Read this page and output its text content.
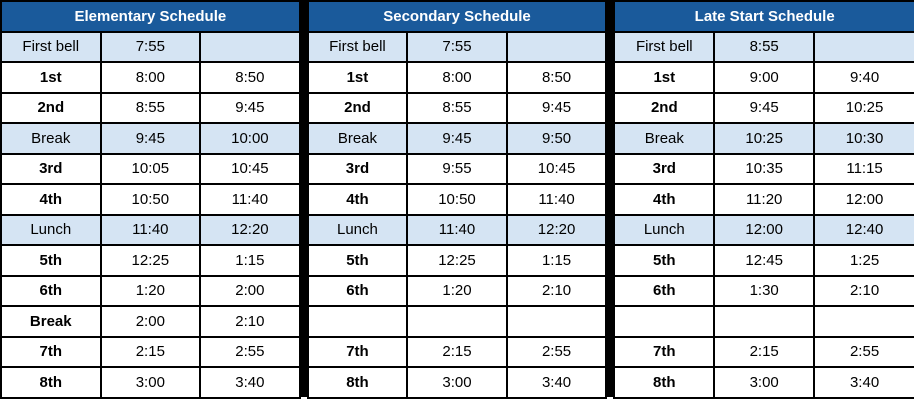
Elementary Schedule		
First bell	7:55	
1st	8:00	8:50
2nd	8:55	9:45
Break	9:45	10:00
3rd	10:05	10:45
4th	10:50	11:40
Lunch	11:40	12:20
5th	12:25	1:15
6th	1:20	2:00
Break	2:00	2:10
7th	2:15	2:55
8th	3:00	3:40
Secondary Schedule		
First bell	7:55	
1st	8:00	8:50
2nd	8:55	9:45
Break	9:45	9:50
3rd	9:55	10:45
4th	10:50	11:40
Lunch	11:40	12:20
5th	12:25	1:15
6th	1:20	2:10

7th	2:15	2:55
8th	3:00	3:40
Late Start Schedule		
First bell	8:55	
1st	9:00	9:40
2nd	9:45	10:25
Break	10:25	10:30
3rd	10:35	11:15
4th	11:20	12:00
Lunch	12:00	12:40
5th	12:45	1:25
6th	1:30	2:10

7th	2:15	2:55
8th	3:00	3:40
